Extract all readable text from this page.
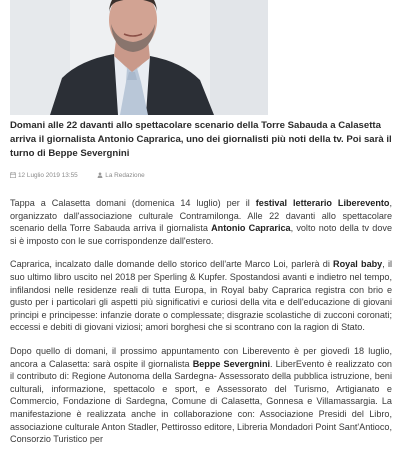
Domani alle 22 davanti allo spettacolare scenario della Torre Sabauda a Calasetta arriva il giornalista Antonio Caprarica, uno dei giornalisti più noti della tv. Poi sarà il turno di Beppe Severgnini
12 Luglio 2019 13:55	La Redazione

Tappa a Calasetta domani (domenica 14 luglio) per il festival letterario Liberevento, organizzato dall'associazione culturale Contramilonga. Alle 22 davanti allo spettacolare scenario della Torre Sabauda arriva il giornalista Antonio Caprarica, volto noto della tv dove si è imposto con le sue corrispondenze dall'estero.

Caprarica, incalzato dalle domande dello storico dell'arte Marco Loi, parlerà di Royal baby, il suo ultimo libro uscito nel 2018 per Sperling & Kupfer. Spostandosi avanti e indietro nel tempo, infilandosi nelle residenze reali di tutta Europa, in Royal baby Caprarica registra con brio e gusto per i particolari gli aspetti più significativi e curiosi della vita e dell'educazione di giovani principi e principesse: infanzie dorate o complessate; disgrazie scolastiche di zucconi coronati; eccessi e debiti di giovani viziosi; amori borghesi che si scontrano con la ragion di Stato.

Dopo quello di domani, il prossimo appuntamento con Liberevento è per giovedì 18 luglio, ancora a Calasetta: sarà ospite il giornalista Beppe Severgnini. LiberEvento è realizzato con il contributo di: Regione Autonoma della Sardegna- Assessorato della pubblica istruzione, beni culturali, informazione, spettacolo e sport, e Assessorato del Turismo, Artigianato e Commercio, Fondazione di Sardegna, Comune di Calasetta, Gonnesa e Villamassargia. La manifestazione è realizzata anche in collaborazione con: Associazione Presidi del Libro, associazione culturale Anton Stadler, Pettirosso editore, Libreria Mondadori Point Sant'Antioco, Consorzio Turistico per
